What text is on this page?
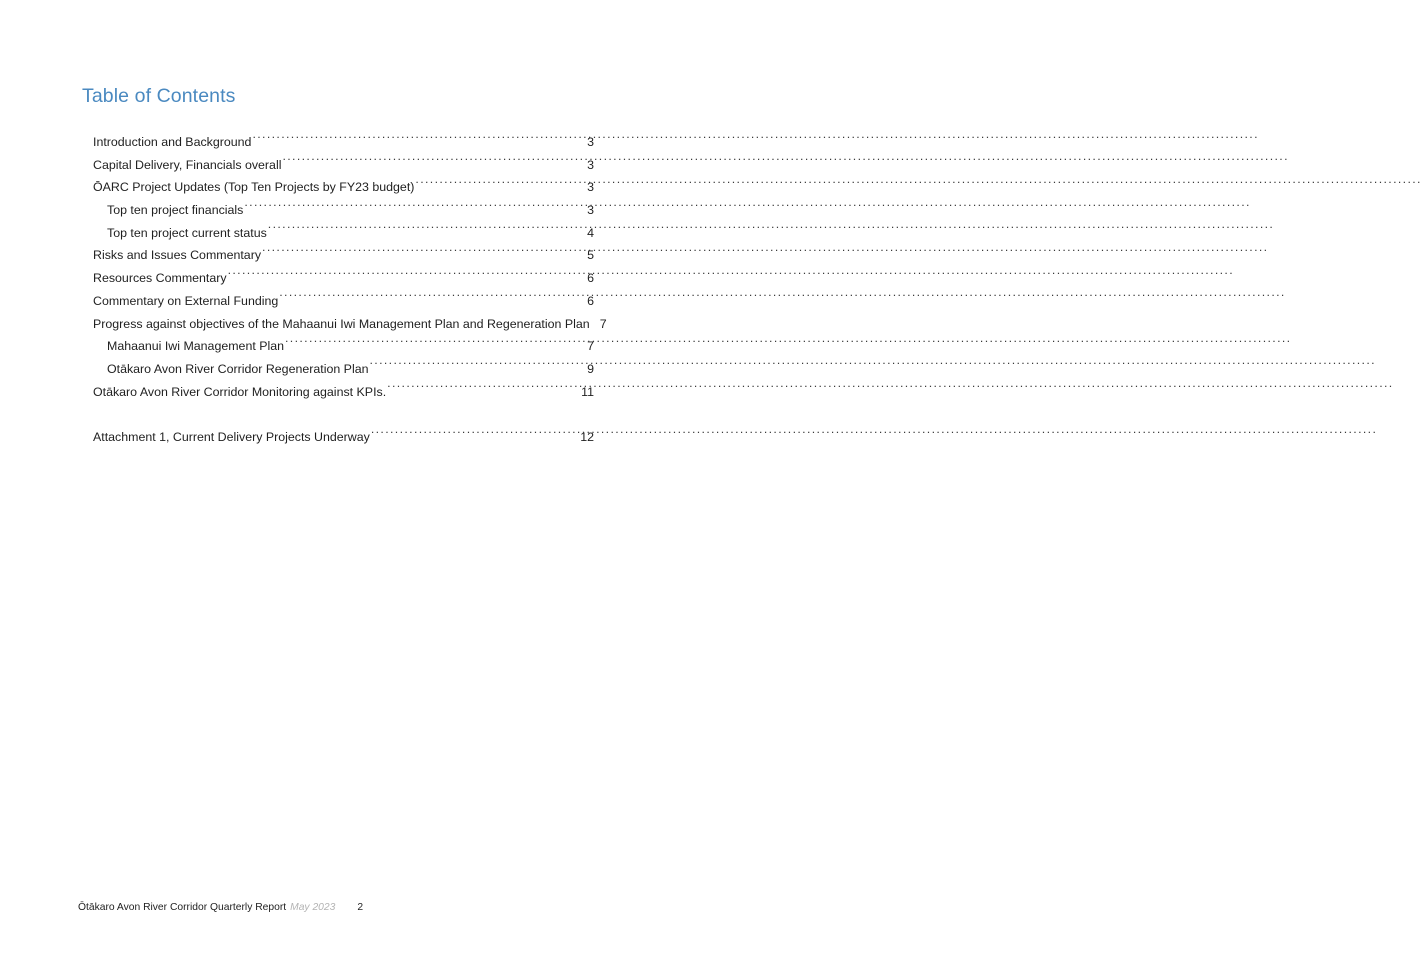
Table of Contents
Introduction and Background .....	3
Capital Delivery, Financials overall .....	3
ŌARC Project Updates (Top Ten Projects by FY23 budget) .....	3
Top ten project financials .....	3
Top ten project current status .....	4
Risks and Issues Commentary .....	5
Resources Commentary .....	6
Commentary on External Funding .....	6
Progress against objectives of the Mahaanui Iwi Management Plan and Regeneration Plan 7
Mahaanui Iwi Management Plan .....	7
Otākaro Avon River Corridor Regeneration Plan .....	9
Otākaro Avon River Corridor Monitoring against KPIs. .....	11
Attachment 1, Current Delivery Projects Underway .....	12
Ōtākaro Avon River Corridor Quarterly Report May 2023 2
